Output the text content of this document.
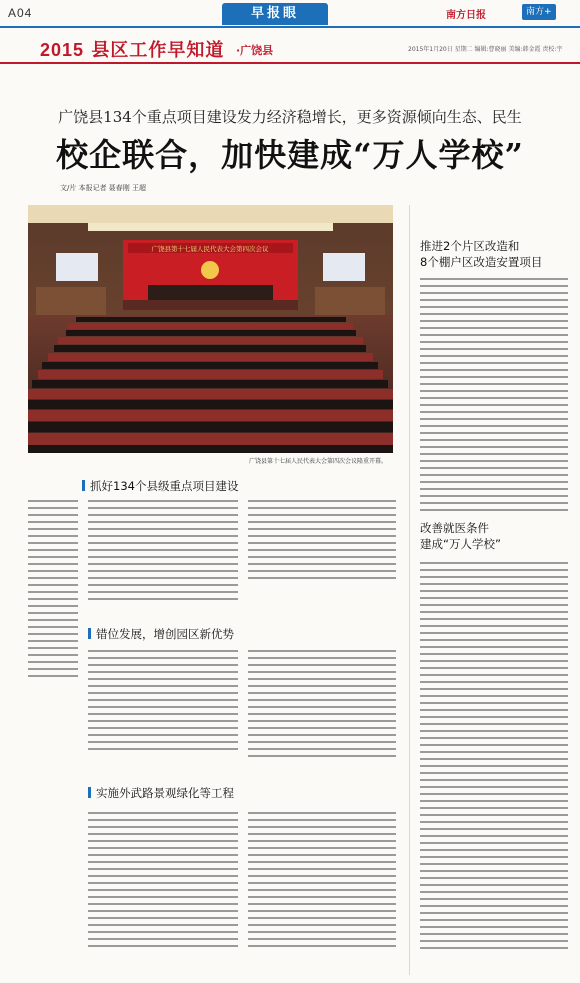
A04	早报眼	南方日报	南方+
2015 县区工作早知道 ·广饶县	2015年1月20日 星期二 编辑:曹晓丽 美编:韩金霞 责校:宇
广饶县134个重点项目建设发力经济稳增长，更多资源倾向生态、民生
校企联合，加快建成“万人学校”
文/片 本报记者 聂春刚 王超
广饶县第十七届人民代表大会第四次会议
广饶县第十七届人民代表大会第四次会议隆重开幕。
抓好134个县级重点项目建设
错位发展，增创园区新优势
实施外武路景观绿化等工程
推进2个片区改造和
8个棚户区改造安置项目
改善就医条件
建成“万人学校”
